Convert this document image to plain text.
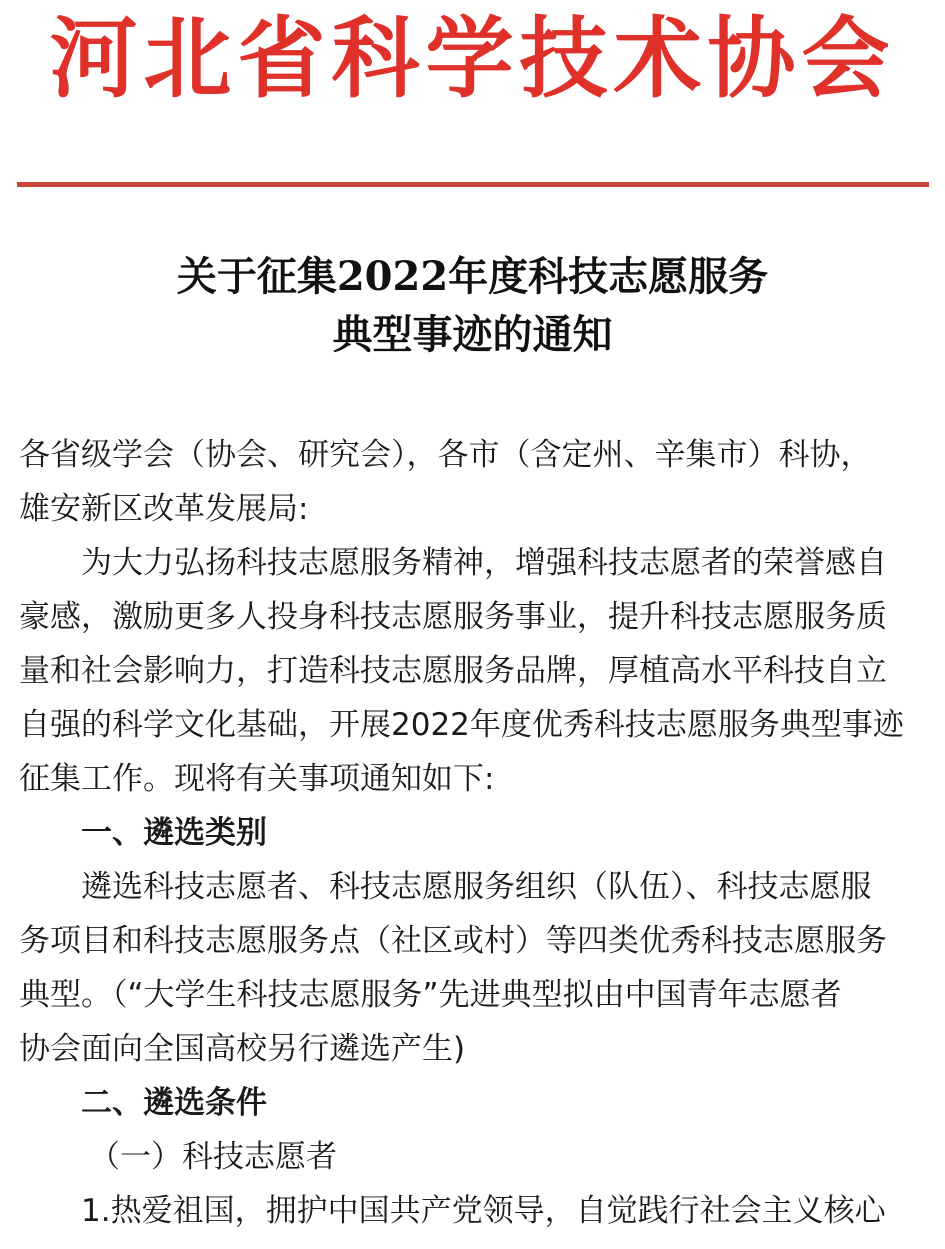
河北省科学技术协会
关于征集2022年度科技志愿服务
典型事迹的通知
各省级学会（协会、研究会），各市（含定州、辛集市）科协，
雄安新区改革发展局:
为大力弘扬科技志愿服务精神，增强科技志愿者的荣誉感自
豪感，激励更多人投身科技志愿服务事业，提升科技志愿服务质
量和社会影响力，打造科技志愿服务品牌，厚植高水平科技自立
自强的科学文化基础，开展2022年度优秀科技志愿服务典型事迹
征集工作。现将有关事项通知如下:
一、遴选类别
遴选科技志愿者、科技志愿服务组织（队伍）、科技志愿服
务项目和科技志愿服务点（社区或村）等四类优秀科技志愿服务
典型。（“大学生科技志愿服务”先进典型拟由中国青年志愿者
协会面向全国高校另行遴选产生)
二、遴选条件
（一）科技志愿者
1.热爱祖国，拥护中国共产党领导，自觉践行社会主义核心
